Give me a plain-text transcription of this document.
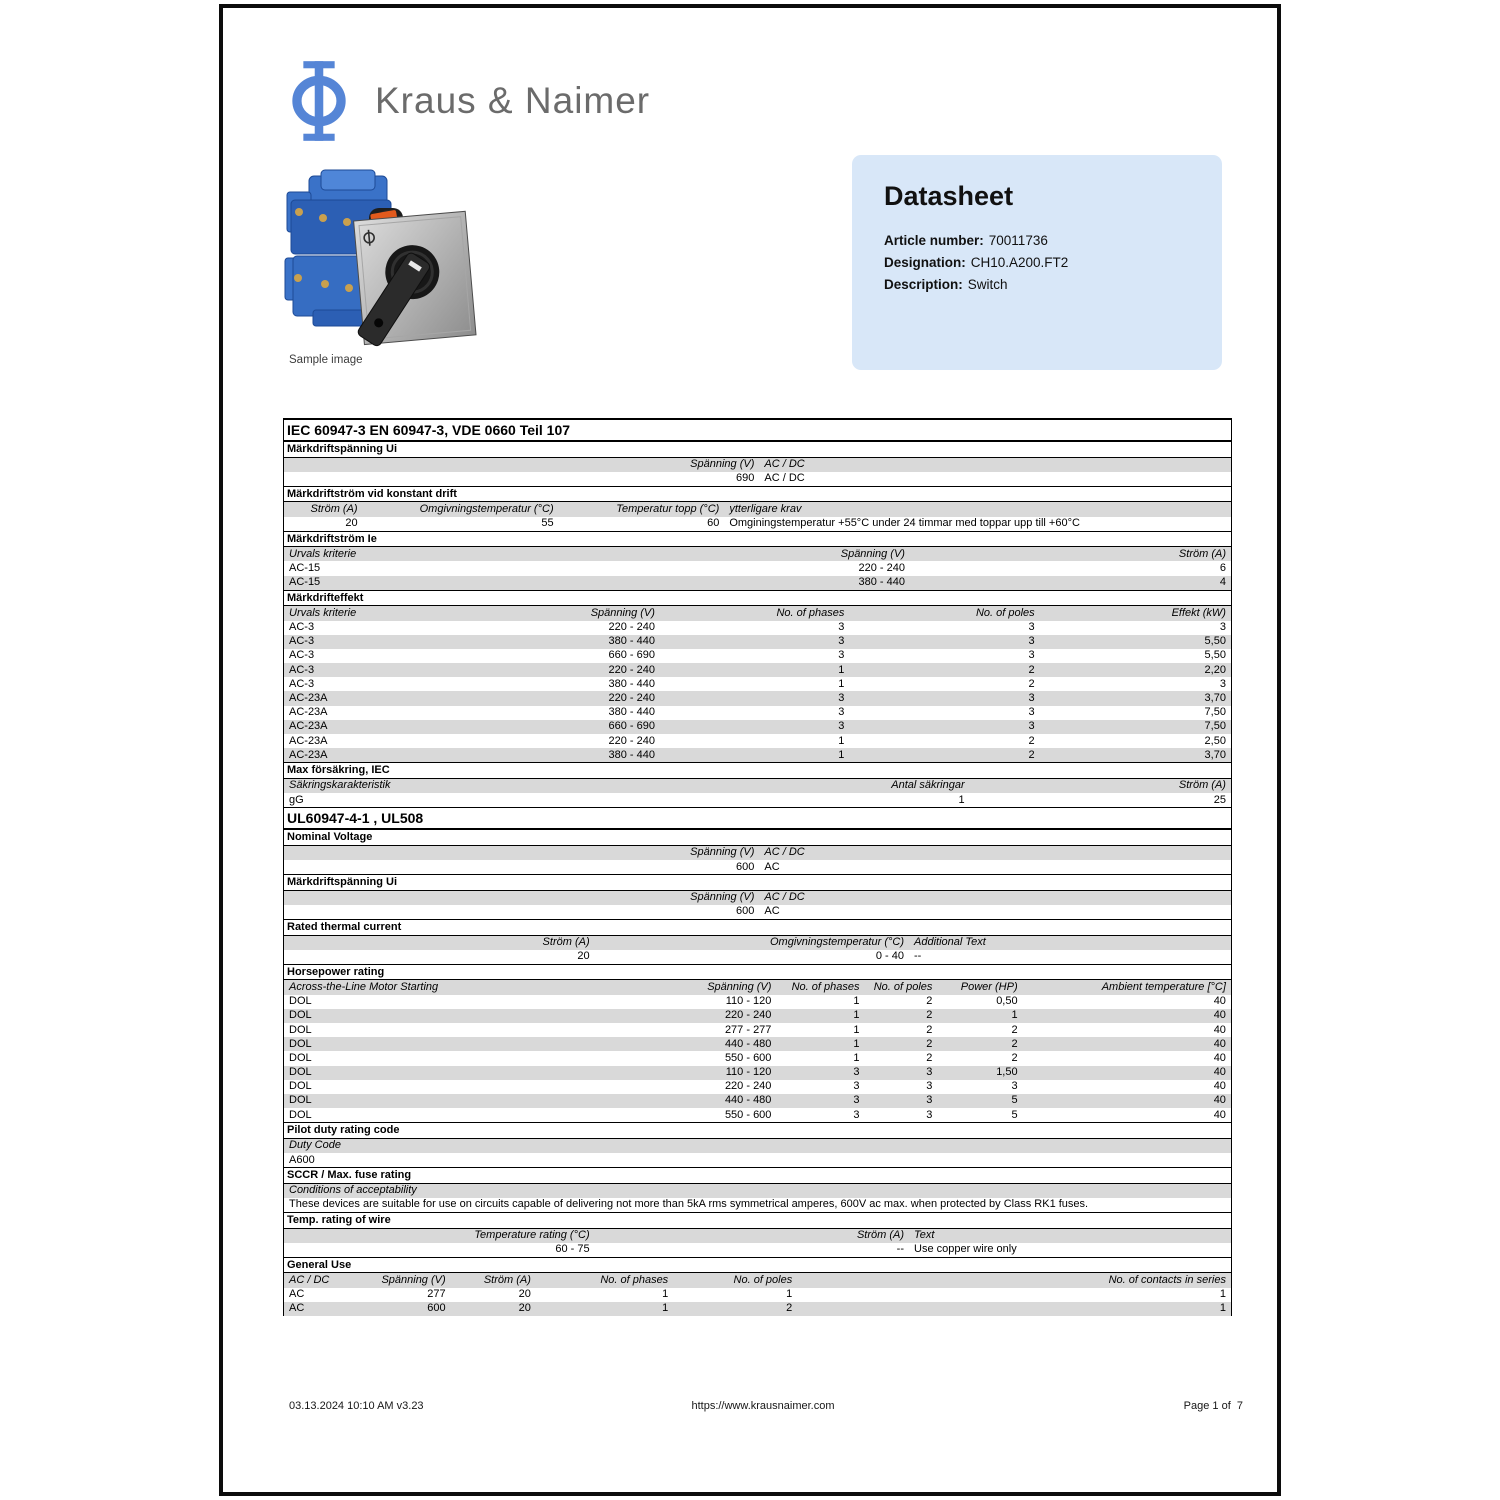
Kraus & Naimer
Sample image
Datasheet
Article number: 70011736
Designation: CH10.A200.FT2
Description: Switch
IEC 60947-3 EN 60947-3, VDE 0660 Teil 107
Märkdriftspänning Ui
Spänning (V) AC / DC
690 AC / DC
Märkdriftström vid konstant drift
Ström (A)	Omgivningstemperatur (°C)	Temperatur topp (°C) ytterligare krav
20	55	60 Omginingstemperatur +55°C under 24 timmar med toppar upp till +60°C
Märkdriftström Ie
Urvals kriterie	Spänning (V)	Ström (A)
AC-15	220 - 240	6
AC-15	380 - 440	4
Märkdrifteffekt
Urvals kriterie	Spänning (V)	No. of phases	No. of poles	Effekt (kW)
AC-3	220 - 240	3	3	3
AC-3	380 - 440	3	3	5,50
AC-3	660 - 690	3	3	5,50
AC-3	220 - 240	1	2	2,20
AC-3	380 - 440	1	2	3
AC-23A	220 - 240	3	3	3,70
AC-23A	380 - 440	3	3	7,50
AC-23A	660 - 690	3	3	7,50
AC-23A	220 - 240	1	2	2,50
AC-23A	380 - 440	1	2	3,70
Max försäkring, IEC
Säkringskarakteristik	Antal säkringar	Ström (A)
gG	1	25
UL60947-4-1 , UL508
Nominal Voltage
Spänning (V) AC / DC
600 AC
Märkdriftspänning Ui
Spänning (V) AC / DC
600 AC
Rated thermal current
Ström (A)	Omgivningstemperatur (°C) Additional Text
20	0 - 40 --
Horsepower rating
Across-the-Line Motor Starting	Spänning (V)	No. of phases	No. of poles	Power (HP)	Ambient temperature [°C]
DOL	110 - 120	1	2	0,50	40
DOL	220 - 240	1	2	1	40
DOL	277 - 277	1	2	2	40
DOL	440 - 480	1	2	2	40
DOL	550 - 600	1	2	2	40
DOL	110 - 120	3	3	1,50	40
DOL	220 - 240	3	3	3	40
DOL	440 - 480	3	3	5	40
DOL	550 - 600	3	3	5	40
Pilot duty rating code
Duty Code
A600
SCCR / Max. fuse rating
Conditions of acceptability
These devices are suitable for use on circuits capable of delivering not more than 5kA rms symmetrical amperes, 600V ac max. when protected by Class RK1 fuses.
Temp. rating of wire
Temperature rating (°C)	Ström (A) Text
60 - 75	-- Use copper wire only
General Use
AC / DC	Spänning (V)	Ström (A)	No. of phases	No. of poles	No. of contacts in series
AC	277	20	1	1	1
AC	600	20	1	2	1
03.13.2024 10:10 AM v3.23	https://www.krausnaimer.com	Page 1 of  7
